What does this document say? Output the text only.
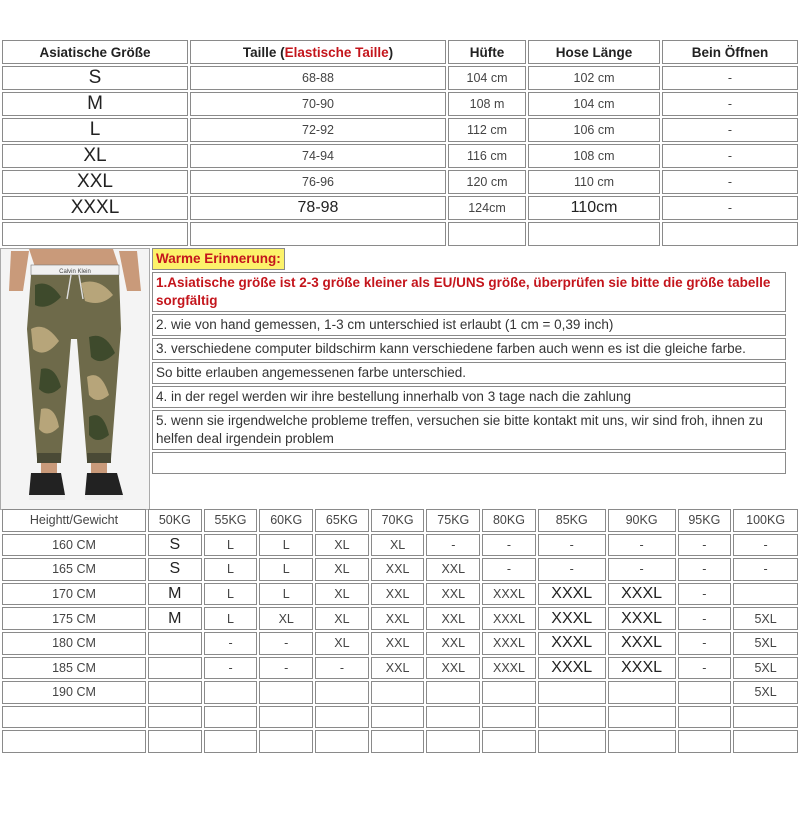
Asiatische Größe	Taille (Elastische Taille)	Hüfte	Hose Länge	Bein Öffnen
S	68-88	104 cm	102 cm	-
M	70-90	108 m	104 cm	-
L	72-92	112 cm	106 cm	-
XL	74-94	116 cm	108 cm	-
XXL	76-96	120 cm	110 cm	-
XXXL	78-98	124cm	110cm	-

Calvin Klein
Warme Erinnerung:
1.Asiatische größe ist 2-3 größe kleiner als EU/UNS größe, überprüfen sie bitte die größe tabelle sorgfältig
2. wie von hand gemessen, 1-3 cm unterschied ist erlaubt (1 cm = 0,39 inch)
3. verschiedene computer bildschirm kann verschiedene farben auch wenn es ist die gleiche farbe.
So bitte erlauben angemessenen farbe unterschied.
4. in der regel werden wir ihre bestellung innerhalb von 3 tage nach die zahlung
5. wenn sie irgendwelche probleme treffen, versuchen sie bitte kontakt mit uns, wir sind froh, ihnen zu helfen deal irgendein problem
Heightt/Gewicht	50KG	55KG	60KG	65KG	70KG	75KG	80KG	85KG	90KG	95KG	100KG
160 CM	S	L	L	XL	XL	-	-	-	-	-	-
165 CM	S	L	L	XL	XXL	XXL	-	-	-	-	-
170 CM	M	L	L	XL	XXL	XXL	XXXL	XXXL	XXXL	-	
175 CM	M	L	XL	XL	XXL	XXL	XXXL	XXXL	XXXL	-	5XL
180 CM		-	-	XL	XXL	XXL	XXXL	XXXL	XXXL	-	5XL
185 CM		-	-	-	XXL	XXL	XXXL	XXXL	XXXL	-	5XL
190 CM											5XL
